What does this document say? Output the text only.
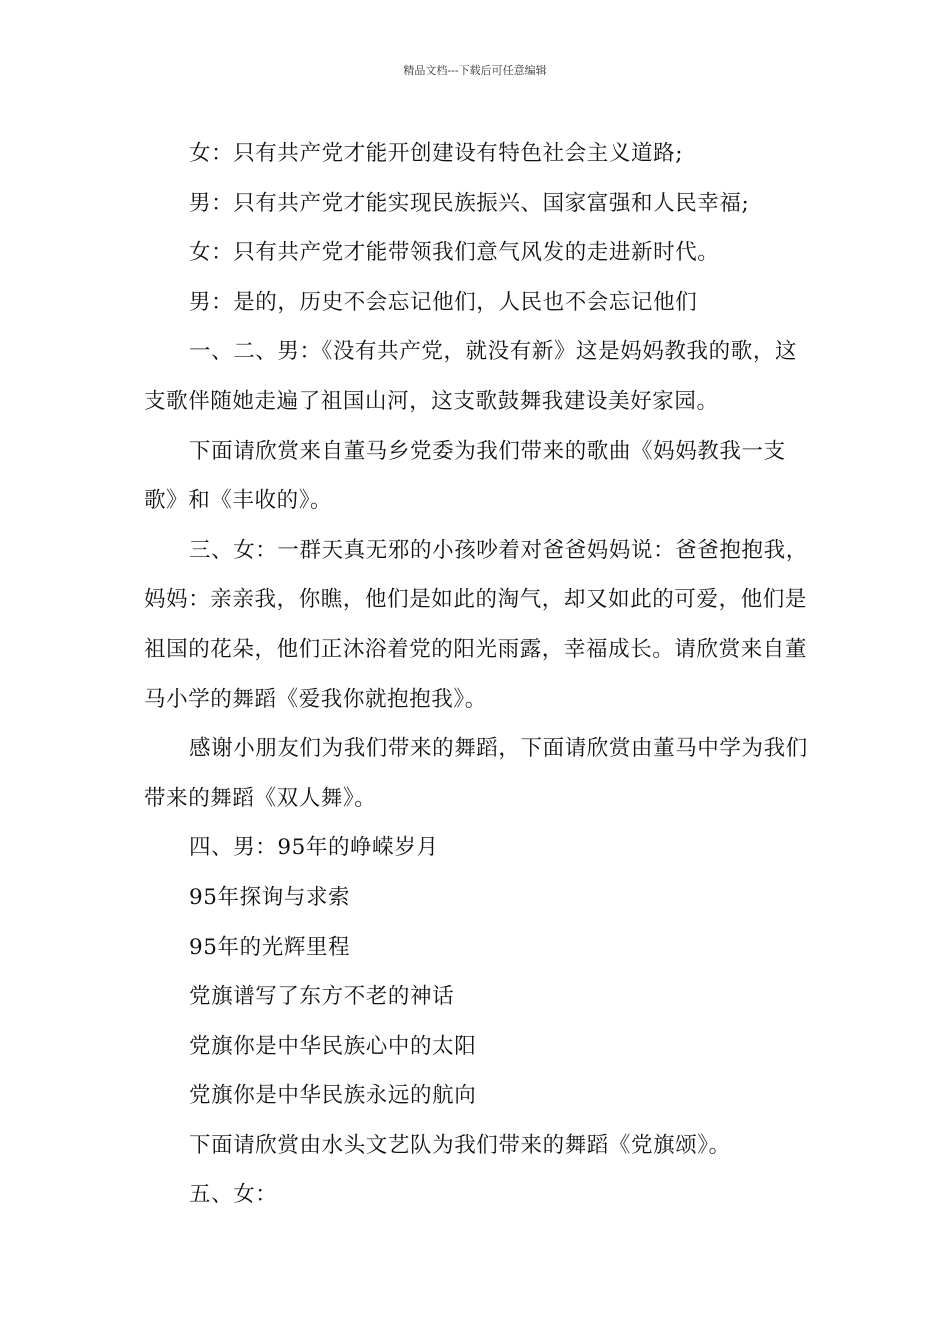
精品文档---下载后可任意编辑

女：只有共产党才能开创建设有特色社会主义道路;

男：只有共产党才能实现民族振兴、国家富强和人民幸福;

女：只有共产党才能带领我们意气风发的走进新时代。

男：是的，历史不会忘记他们，人民也不会忘记他们

一、二、男：《没有共产党，就没有新》这是妈妈教我的歌，这支歌伴随她走遍了祖国山河，这支歌鼓舞我建设美好家园。

下面请欣赏来自董马乡党委为我们带来的歌曲《妈妈教我一支歌》和《丰收的》。

三、女：一群天真无邪的小孩吵着对爸爸妈妈说：爸爸抱抱我，妈妈：亲亲我，你瞧，他们是如此的淘气，却又如此的可爱，他们是祖国的花朵，他们正沐浴着党的阳光雨露，幸福成长。请欣赏来自董马小学的舞蹈《爱我你就抱抱我》。

感谢小朋友们为我们带来的舞蹈，下面请欣赏由董马中学为我们带来的舞蹈《双人舞》。

四、男：95年的峥嵘岁月

95年探询与求索

95年的光辉里程

党旗谱写了东方不老的神话

党旗你是中华民族心中的太阳

党旗你是中华民族永远的航向

下面请欣赏由水头文艺队为我们带来的舞蹈《党旗颂》。

五、女：
